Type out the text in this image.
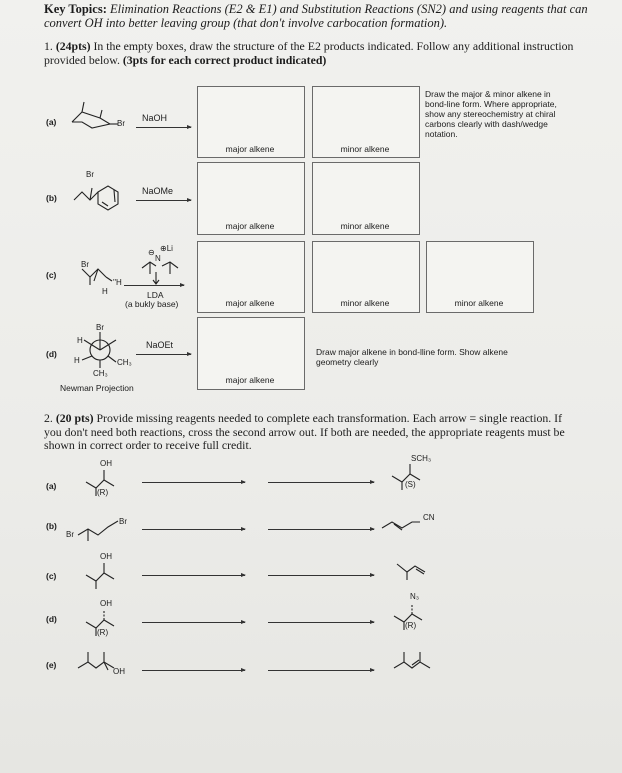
Key Topics: Elimination Reactions (E2 & E1) and Substitution Reactions (SN2) and using reagents that can convert OH into better leaving group (that don't involve carbocation formation).
1. (24pts) In the empty boxes, draw the structure of the E2 products indicated. Follow any additional instruction provided below. (3pts for each correct product indicated)
(a)	Br
NaOH
major alkene	minor alkene
Draw the major & minor alkene in bond-line form. Where appropriate, show any stereochemistry at chiral carbons clearly with dash/wedge notation.
(b)
Br
NaOMe
major alkene	minor alkene
(c)
Br
''H
H
⊖
N
⊕Li
LDA
(a bukly base)	major alkene	minor alkene	minor alkene
(d)
Br
H
H	CH₃
CH₃
Newman Projection
NaOEt
major alkene
Draw major alkene in bond-lline form. Show alkene geometry clearly
2. (20 pts) Provide missing reagents needed to complete each transformation. Each arrow = single reaction. If you don't need both reactions, cross the second arrow out. If both are needed, the appropriate reagents must be shown in correct order to receive full credit.
(a)
OH
(R)
SCH₃
(S)
(b)	Br
Br
CN
(c)
OH
(d)
OH
(R)
N₃
(R)
(e)
OH
